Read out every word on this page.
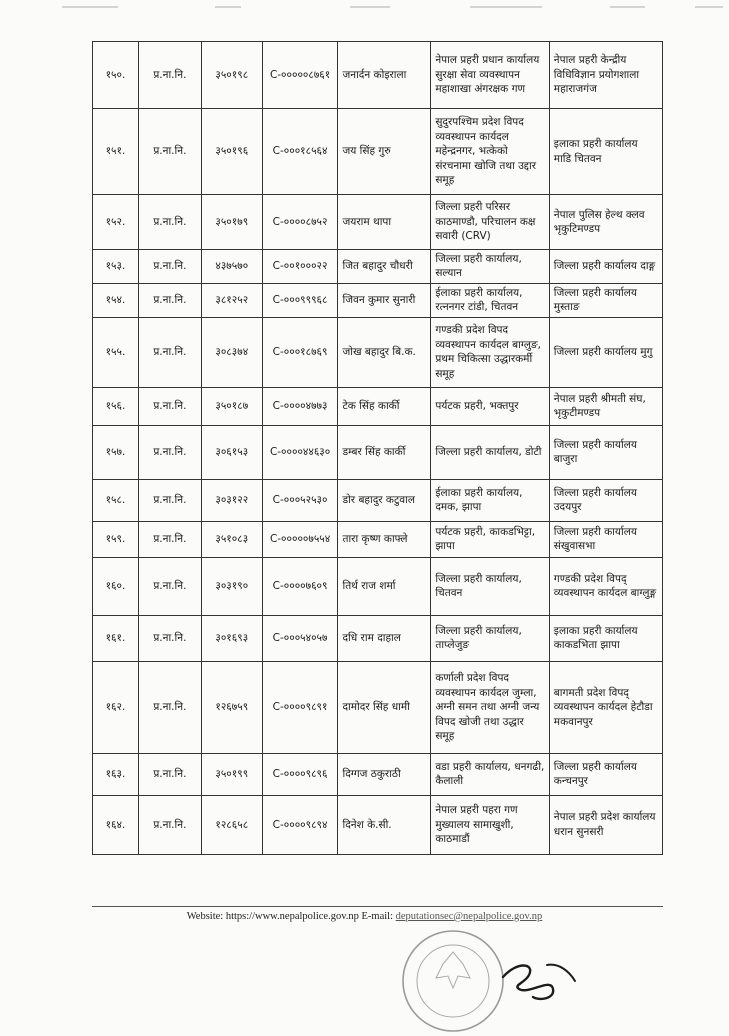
१५०.	प्र.ना.नि.	३५०१९८	C-०००००८७६१	जनार्दन कोइराला	नेपाल प्रहरी प्रधान कार्यालय सुरक्षा सेवा व्यवस्थापन महाशाखा अंगरक्षक गण	नेपाल प्रहरी केन्द्रीय विधिविज्ञान प्रयोगशाला महाराजगंज
१५१.	प्र.ना.नि.	३५०१९६	C-०००१८५६४	जय सिंह गुरु	सुदुरपश्चिम प्रदेश विपद व्यवस्थापन कार्यदल महेन्द्रनगर, भत्केको संरचनामा खोजि तथा उद्दार समूह	इलाका प्रहरी कार्यालय माडि चितवन
१५२.	प्र.ना.नि.	३५०१७९	C-००००८७५२	जयराम थापा	जिल्ला प्रहरी परिसर काठमाण्डौ, परिचालन कक्ष सवारी (CRV)	नेपाल पुलिस हेल्थ क्लव भृकुटिमण्डप
१५३.	प्र.ना.नि.	४३७५७०	C-००१०००२२	जित बहादुर चौधरी	जिल्ला प्रहरी कार्यालय, सल्यान	जिल्ला प्रहरी कार्यालय दाङ्ग
१५४.	प्र.ना.नि.	३८१२५२	C-०००९९९६८	जिवन कुमार सुनारी	ईलाका प्रहरी कार्यालय, रत्ननगर टांडी, चितवन	जिल्ला प्रहरी कार्यालय मुस्ताङ
१५५.	प्र.ना.नि.	३०८३७४	C-०००१८७६९	जोख बहादुर बि.क.	गण्डकी प्रदेश विपद व्यवस्थापन कार्यदल बाग्लुङ, प्रथम चिकित्सा उद्धारकर्मी समूह	जिल्ला प्रहरी कार्यालय मुगु
१५६.	प्र.ना.नि.	३५०१८७	C-००००४७७३	टेक सिंह कार्की	पर्यटक प्रहरी, भक्तपुर	नेपाल प्रहरी श्रीमती संघ, भृकुटीमण्डप
१५७.	प्र.ना.नि.	३०६१५३	C-००००४४६३०	डम्बर सिंह कार्की	जिल्ला प्रहरी कार्यालय, डोटी	जिल्ला प्रहरी कार्यालय बाजुरा
१५८.	प्र.ना.नि.	३०३१२२	C-०००५२५३०	डोर बहादुर कटुवाल	ईलाका प्रहरी कार्यालय, दमक, झापा	जिल्ला प्रहरी कार्यालय उदयपुर
१५९.	प्र.ना.नि.	३५१०८३	C-०००००७५५४	तारा कृष्ण काफ्ले	पर्यटक प्रहरी, काकडभिट्टा, झापा	जिल्ला प्रहरी कार्यालय संखुवासभा
१६०.	प्र.ना.नि.	३०३१९०	C-००००७६०९	तिर्थ राज शर्मा	जिल्ला प्रहरी कार्यालय, चितवन	गण्डकी प्रदेश विपद् व्यवस्थापन कार्यदल बाग्लुङ्ग
१६१.	प्र.ना.नि.	३०१६९३	C-०००५४०५७	दधि राम दाहाल	जिल्ला प्रहरी कार्यालय, ताप्लेजुङ	इलाका प्रहरी कार्यालय काकडभिता झापा
१६२.	प्र.ना.नि.	१२६७५९	C-००००९८९१	दामोदर सिंह धामी	कर्णाली प्रदेश विपद व्यवस्थापन कार्यदल जुम्ला, अग्नी समन तथा अग्नी जन्य विपद खोजी तथा उद्धार समूह	बागमती प्रदेश विपद् व्यवस्थापन कार्यदल हेटौडा मकवानपुर
१६३.	प्र.ना.नि.	३५०१९९	C-००००९८९६	दिग्गज ठकुराठी	वडा प्रहरी कार्यालय, धनगढी, कैलाली	जिल्ला प्रहरी कार्यालय कन्चनपुर
१६४.	प्र.ना.नि.	१२८६५८	C-००००९८९४	दिनेश के.सी.	नेपाल प्रहरी पहरा गण मुख्यालय सामाखुशी, काठमाडौं	नेपाल प्रहरी प्रदेश कार्यालय धरान सुनसरी
Website: https://www.nepalpolice.gov.np E-mail: deputationsec@nepalpolice.gov.np
